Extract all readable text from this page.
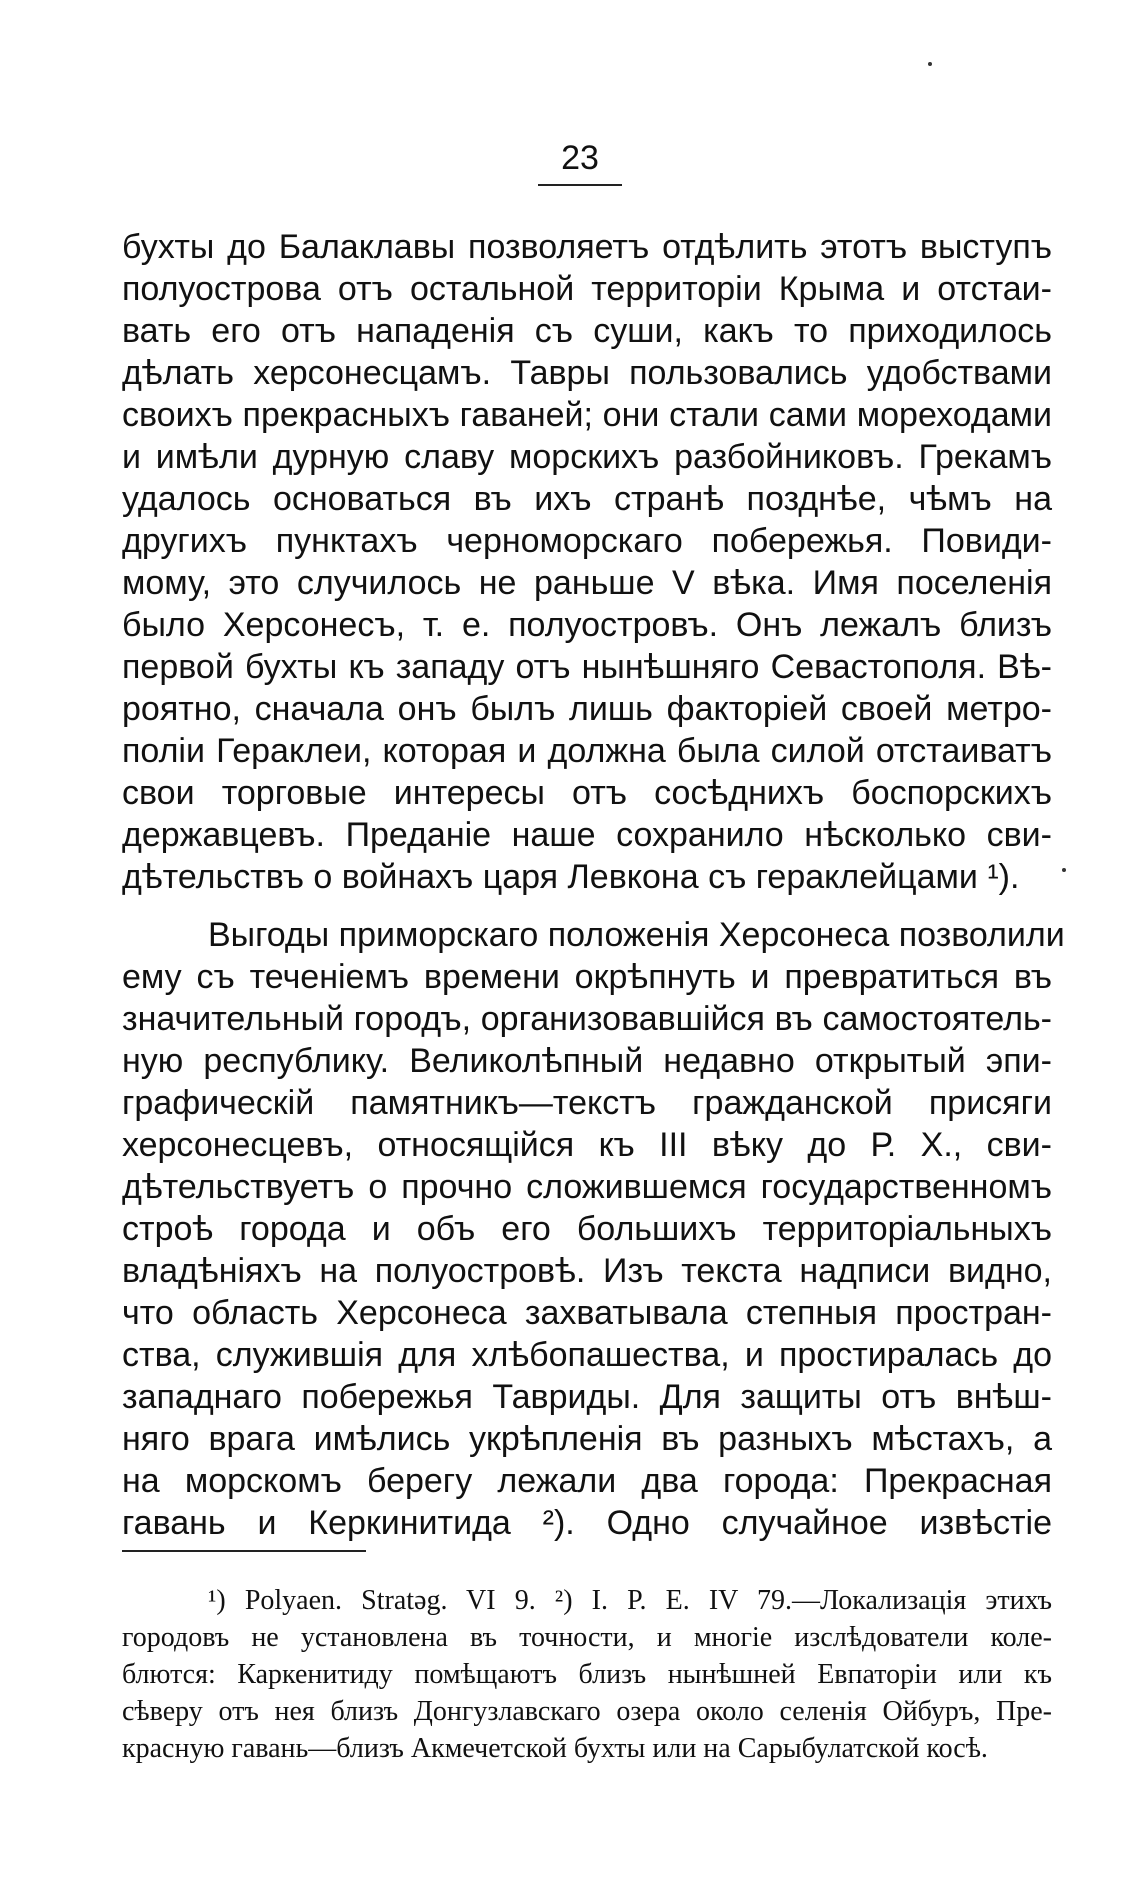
23
бухты до Балаклавы позволяетъ отдѣлить этотъ выступъ
полуострова отъ остальной территоріи Крыма и отстаи-
вать его отъ нападенія съ суши, какъ то приходилось
дѣлать херсонесцамъ. Тавры пользовались удобствами
своихъ прекрасныхъ гаваней; они стали сами мореходами
и имѣли дурную славу морскихъ разбойниковъ. Грекамъ
удалось основаться въ ихъ странѣ позднѣе, чѣмъ на
другихъ пунктахъ черноморскаго побережья. Повиди-
мому, это случилось не раньше V вѣка. Имя поселенія
было Херсонесъ, т. е. полуостровъ. Онъ лежалъ близъ
первой бухты къ западу отъ нынѣшняго Севастополя. Вѣ-
роятно, сначала онъ былъ лишь факторіей своей метро-
поліи Гераклеи, которая и должна была силой отстаиватъ
свои торговые интересы отъ сосѣднихъ боспорскихъ
державцевъ. Преданіе наше сохранило нѣсколько сви-
дѣтельствъ о войнахъ царя Левкона съ гераклейцами ¹).
Выгоды приморскаго положенія Херсонеса позволили
ему съ теченіемъ времени окрѣпнуть и превратиться въ
значительный городъ, организовавшійся въ самостоятель-
ную республику. Великолѣпный недавно открытый эпи-
графическій памятникъ—текстъ гражданской присяги
херсонесцевъ, относящійся къ III вѣку до Р. Х., сви-
дѣтельствуетъ о прочно сложившемся государственномъ
строѣ города и объ его большихъ территоріальныхъ
владѣніяхъ на полуостровѣ. Изъ текста надписи видно,
что область Херсонеса захватывала степныя простран-
ства, служившія для хлѣбопашества, и простиралась до
западнаго побережья Тавриды. Для защиты отъ внѣш-
няго врага имѣлись укрѣпленія въ разныхъ мѣстахъ, а
на морскомъ берегу лежали два города: Прекрасная
гавань и Керкинитида ²). Одно случайное извѣстіе
¹) Polyaen. Stratəg. VI 9. ²) I. P. E. IV 79.—Локализація этихъ
городовъ не установлена въ точности, и многіе изслѣдователи коле-
блются: Каркенитиду помѣщаютъ близъ нынѣшней Евпаторіи или къ
сѣверу отъ нея близъ Донгузлавскаго озера около селенія Ойбуръ, Пре-
красную гавань—близъ Акмечетской бухты или на Сарыбулатской косѣ.
